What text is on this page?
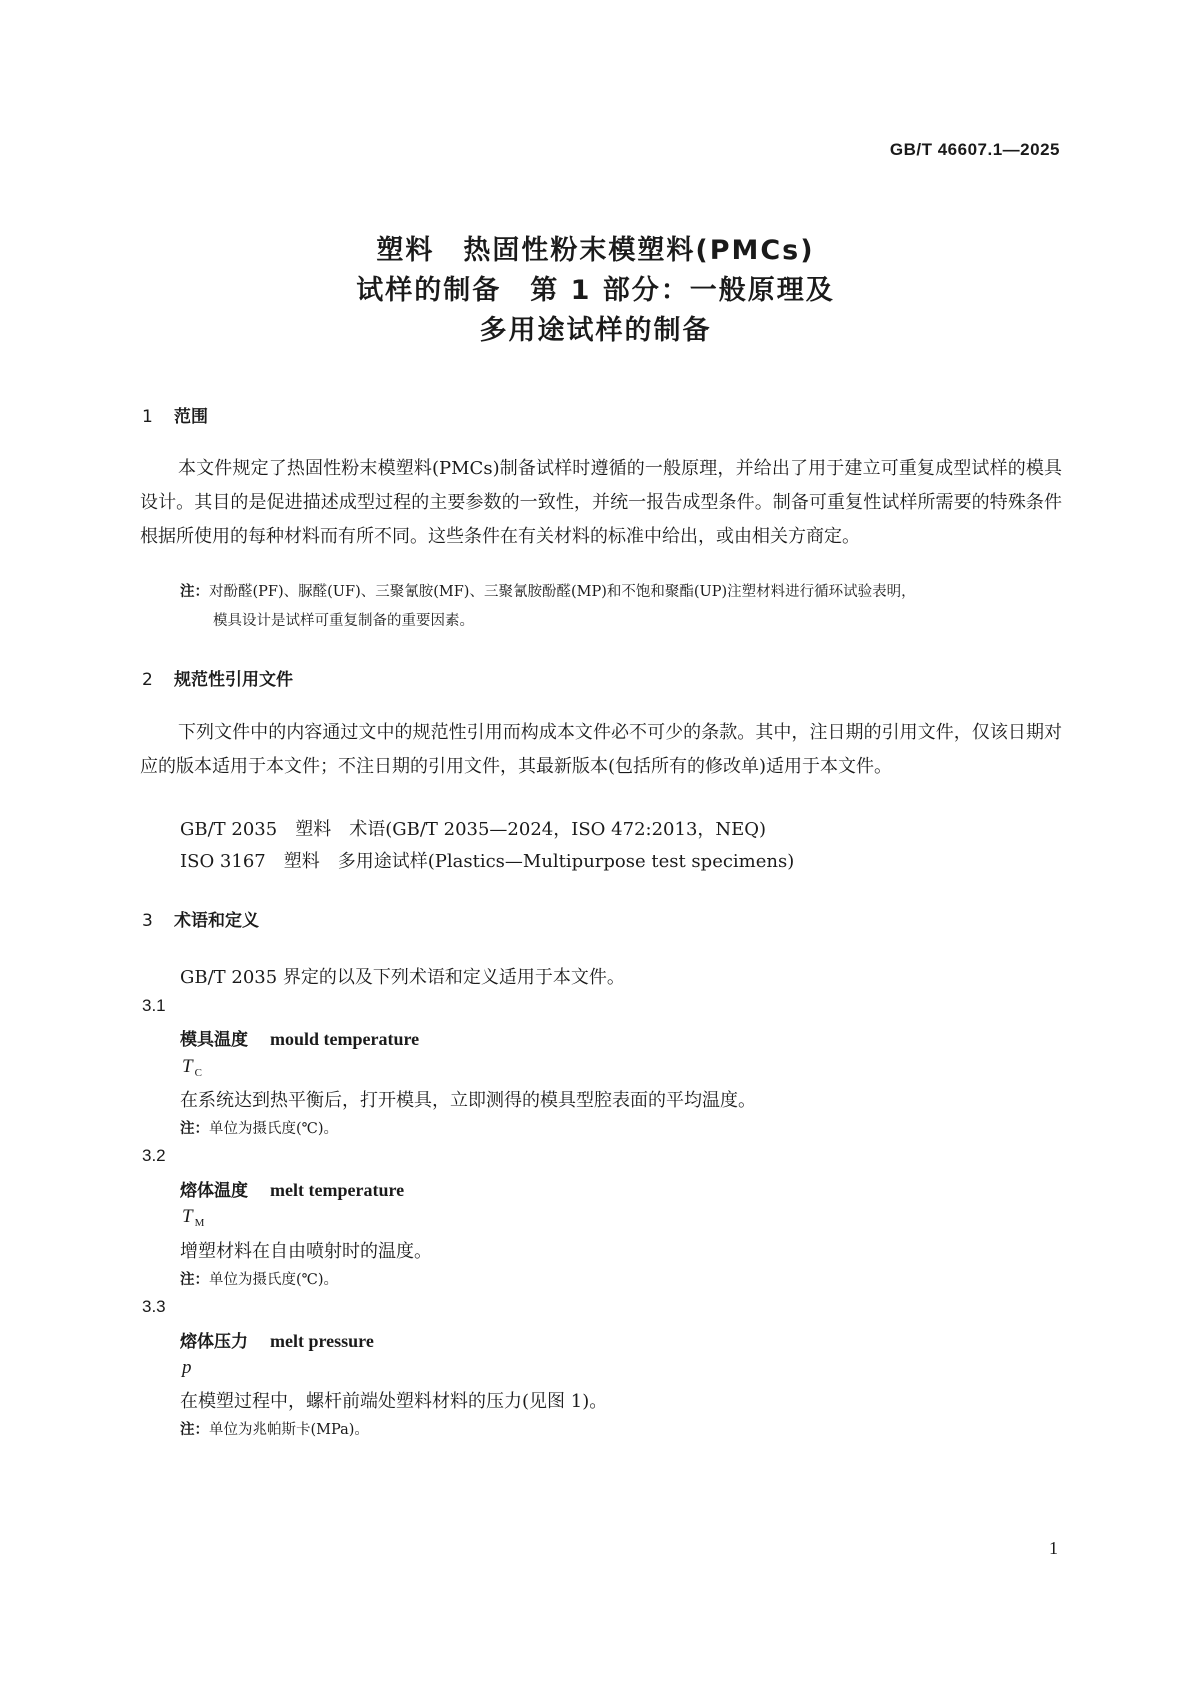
GB/T 46607.1—2025
塑料　热固性粉末模塑料(PMCs)
试样的制备　第 1 部分：一般原理及
多用途试样的制备
1 范围
本文件规定了热固性粉末模塑料(PMCs)制备试样时遵循的一般原理，并给出了用于建立可重复成型试样的模具设计。其目的是促进描述成型过程的主要参数的一致性，并统一报告成型条件。制备可重复性试样所需要的特殊条件根据所使用的每种材料而有所不同。这些条件在有关材料的标准中给出，或由相关方商定。
注：对酚醛(PF)、脲醛(UF)、三聚氰胺(MF)、三聚氰胺酚醛(MP)和不饱和聚酯(UP)注塑材料进行循环试验表明，
模具设计是试样可重复制备的重要因素。
2 规范性引用文件
下列文件中的内容通过文中的规范性引用而构成本文件必不可少的条款。其中，注日期的引用文件，仅该日期对应的版本适用于本文件；不注日期的引用文件，其最新版本(包括所有的修改单)适用于本文件。
GB/T 2035　塑料　术语(GB/T 2035—2024，ISO 472:2013，NEQ)
ISO 3167　塑料　多用途试样(Plastics—Multipurpose test specimens)
3 术语和定义
GB/T 2035 界定的以及下列术语和定义适用于本文件。
3.1
模具温度 mould temperature
T $_C$
在系统达到热平衡后，打开模具，立即测得的模具型腔表面的平均温度。
注：单位为摄氏度(℃)。
3.2
熔体温度 melt temperature
T $_M$
增塑材料在自由喷射时的温度。
注：单位为摄氏度(℃)。
3.3
熔体压力 melt pressure
p
在模塑过程中，螺杆前端处塑料材料的压力(见图 1)。
注：单位为兆帕斯卡(MPa)。
1
